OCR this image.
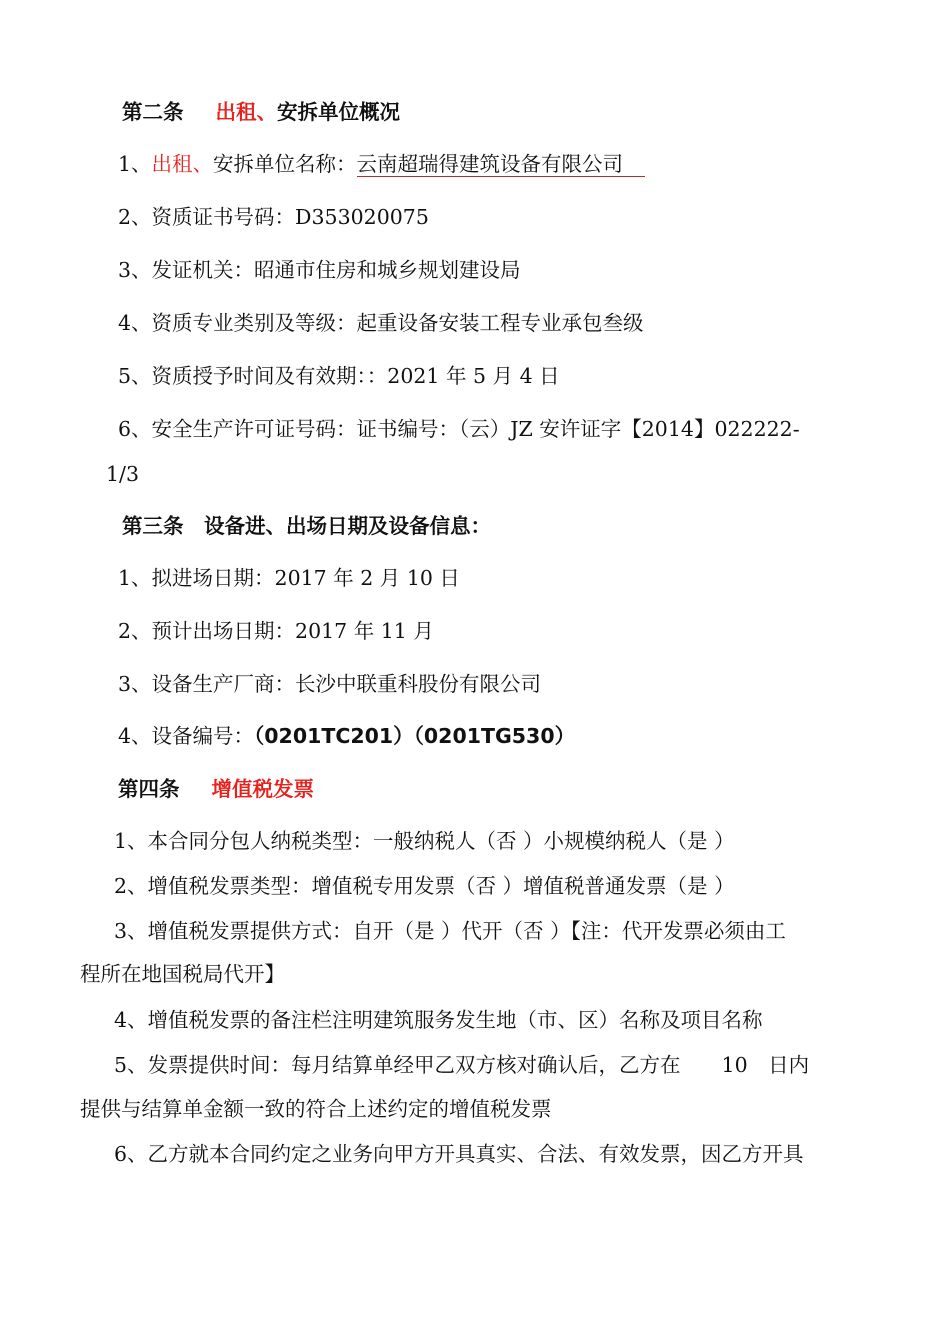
第二条 出租、安拆单位概况
1、出租、安拆单位名称：云南超瑞得建筑设备有限公司
2、资质证书号码：D353020075
3、发证机关：昭通市住房和城乡规划建设局
4、资质专业类别及等级：起重设备安装工程专业承包叁级
5、资质授予时间及有效期：：2021 年 5 月 4 日
6、安全生产许可证号码：证书编号：（云）JZ 安许证字【2014】022222-
1/3
第三条　设备进、出场日期及设备信息：
1、拟进场日期：2017 年 2 月 10 日
2、预计出场日期：2017 年 11 月
3、设备生产厂商：长沙中联重科股份有限公司
4、设备编号：（0201TC201）（0201TG530）
第四条 增值税发票
1、本合同分包人纳税类型：一般纳税人（否 ）小规模纳税人（是 ）
2、增值税发票类型：增值税专用发票（否 ）增值税普通发票（是 ）
3、增值税发票提供方式：自开（是 ）代开（否 ）【注：代开发票必须由工
程所在地国税局代开】
4、增值税发票的备注栏注明建筑服务发生地（市、区）名称及项目名称
5、发票提供时间：每月结算单经甲乙双方核对确认后，乙方在　　10　日内
提供与结算单金额一致的符合上述约定的增值税发票
6、乙方就本合同约定之业务向甲方开具真实、合法、有效发票，因乙方开具
